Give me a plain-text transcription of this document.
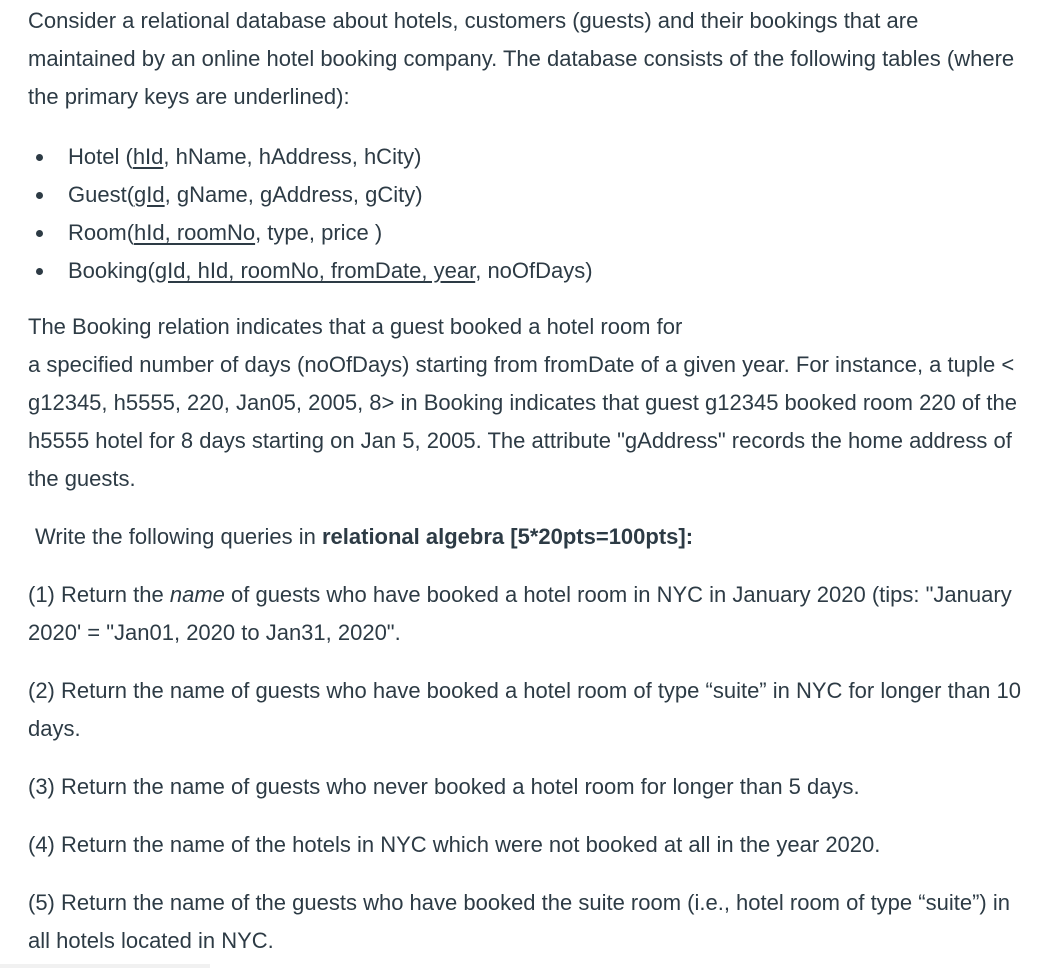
Consider a relational database about hotels, customers (guests) and their bookings that are maintained by an online hotel booking company. The database consists of the following tables (where the primary keys are underlined):

Hotel (hId, hName, hAddress, hCity)
Guest(gId, gName, gAddress, gCity)
Room(hId, roomNo, type, price )
Booking(gId, hId, roomNo, fromDate, year, noOfDays)

The Booking relation indicates that a guest booked a hotel room for
a specified number of days (noOfDays) starting from fromDate of a given year. For instance, a tuple < g12345, h5555, 220, Jan05, 2005, 8> in Booking indicates that guest g12345 booked room 220 of the h5555 hotel for 8 days starting on Jan 5, 2005. The attribute "gAddress" records the home address of the guests.

Write the following queries in relational algebra [5*20pts=100pts]:

(1) Return the name of guests who have booked a hotel room in NYC in January 2020 (tips: "January 2020' = "Jan01, 2020 to Jan31, 2020".

(2) Return the name of guests who have booked a hotel room of type “suite” in NYC for longer than 10 days.

(3) Return the name of guests who never booked a hotel room for longer than 5 days.

(4) Return the name of the hotels in NYC which were not booked at all in the year 2020.

(5) Return the name of the guests who have booked the suite room (i.e., hotel room of type “suite”) in all hotels located in NYC.
